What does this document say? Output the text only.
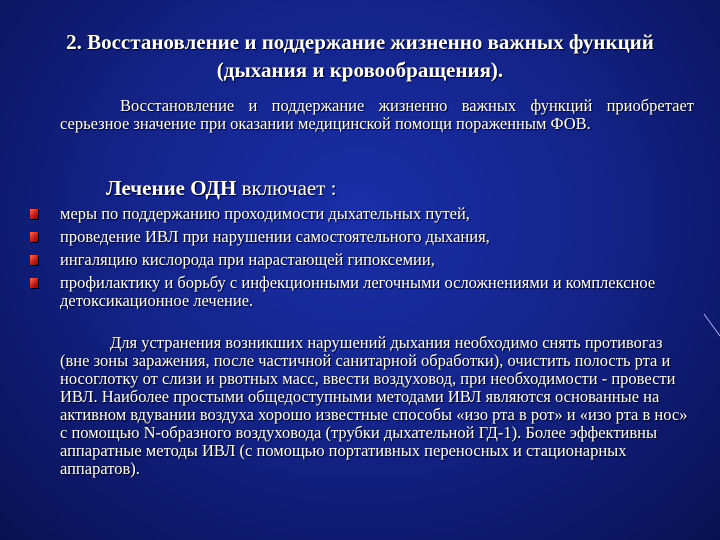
2. Восстановление и поддержание жизненно важных функций (дыхания и кровообращения).
Восстановление и поддержание жизненно важных функций приобретает серьезное значение при оказании медицинской помощи пораженным ФОВ.
Лечение ОДН включает :
меры по поддержанию проходимости дыхательных путей,
проведение ИВЛ при нарушении самостоятельного дыхания,
ингаляцию кислорода при нарастающей гипоксемии,
профилактику и борьбу с инфекционными легочными осложнениями и комплексное детоксикационное лечение.
Для устранения возникших нарушений дыхания необходимо снять противогаз (вне зоны заражения, после частичной санитарной обработки), очистить полость рта и носоглотку от слизи и рвотных масс, ввести воздуховод, при необходимости - провести ИВЛ. Наиболее простыми общедоступными методами ИВЛ являются основанные на активном вдувании воздуха хорошо известные способы «изо рта в рот» и «изо рта в нос» с помощью N-образного воздуховода (трубки дыхательной ГД-1). Более эффективны аппаратные методы ИВЛ (с помощью портативных переносных и стационарных аппаратов).
